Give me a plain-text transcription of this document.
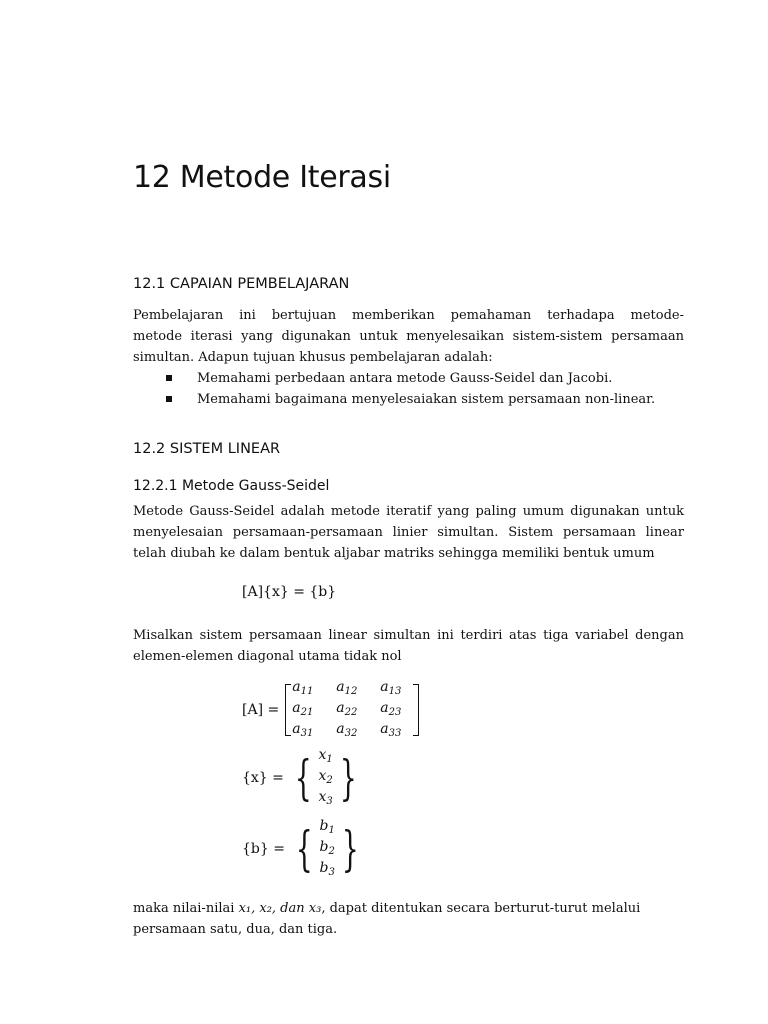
12 Metode Iterasi
12.1 CAPAIAN PEMBELAJARAN
Pembelajaran ini bertujuan memberikan pemahaman terhadapa metode-
metode iterasi yang digunakan untuk menyelesaikan sistem-sistem persamaan
simultan. Adapun tujuan khusus pembelajaran adalah:
Memahami perbedaan antara metode Gauss-Seidel dan Jacobi.
Memahami bagaimana menyelesaiakan sistem persamaan non-linear.
12.2 SISTEM LINEAR
12.2.1 Metode Gauss-Seidel
Metode Gauss-Seidel adalah metode iteratif yang paling umum digunakan untuk
menyelesaian persamaan-persamaan linier simultan. Sistem persamaan linear
telah diubah ke dalam bentuk aljabar matriks sehingga memiliki bentuk umum
[A]{x} = {b}
Misalkan sistem persamaan linear simultan ini terdiri atas tiga variabel dengan
elemen-elemen diagonal utama tidak nol
[A] =
$a_{11}$	$a_{12}$	$a_{13}$
$a_{21}$	$a_{22}$	$a_{23}$
$a_{31}$	$a_{32}$	$a_{33}$
{x} = { $x_1$
$x_2$
$x_3$ }
{b} = { $b_1$
$b_2$
$b_3$ }
maka nilai-nilai x₁, x₂, dan x₃, dapat ditentukan secara berturut-turut melalui
persamaan satu, dua, dan tiga.
